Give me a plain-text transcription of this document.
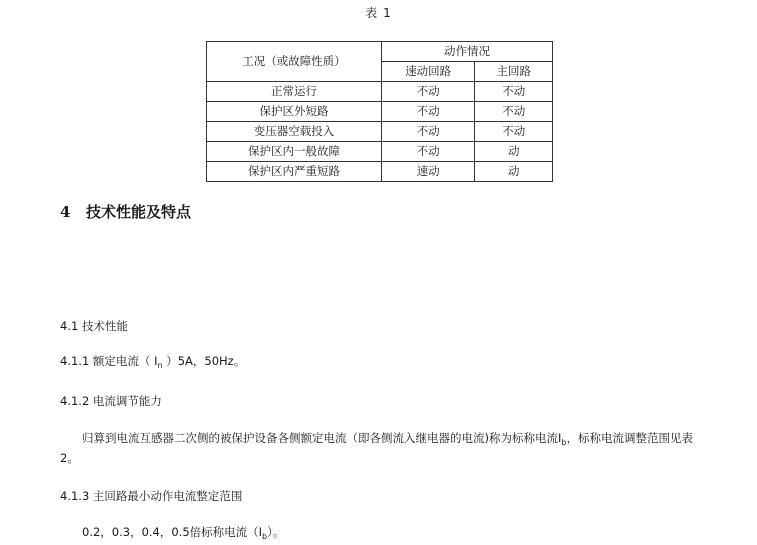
表 1
工况（或故障性质）	动作情况	
	速动回路	主回路
正常运行	不动	不动
保护区外短路	不动	不动
变压器空载投入	不动	不动
保护区内一般故障	不动	动
保护区内严重短路	速动	动
4 技术性能及特点
4.1 技术性能
4.1.1 额定电流（ $I_n$ ）5A，50Hz。
4.1.2 电流调节能力
归算到电流互感器二次侧的被保护设备各侧额定电流（即各侧流入继电器的电流)称为标称电流$I_b$，标称电流调整范围见表
2。
4.1.3 主回路最小动作电流整定范围
0.2，0.3，0.4，0.5倍标称电流$(I_b)$。
